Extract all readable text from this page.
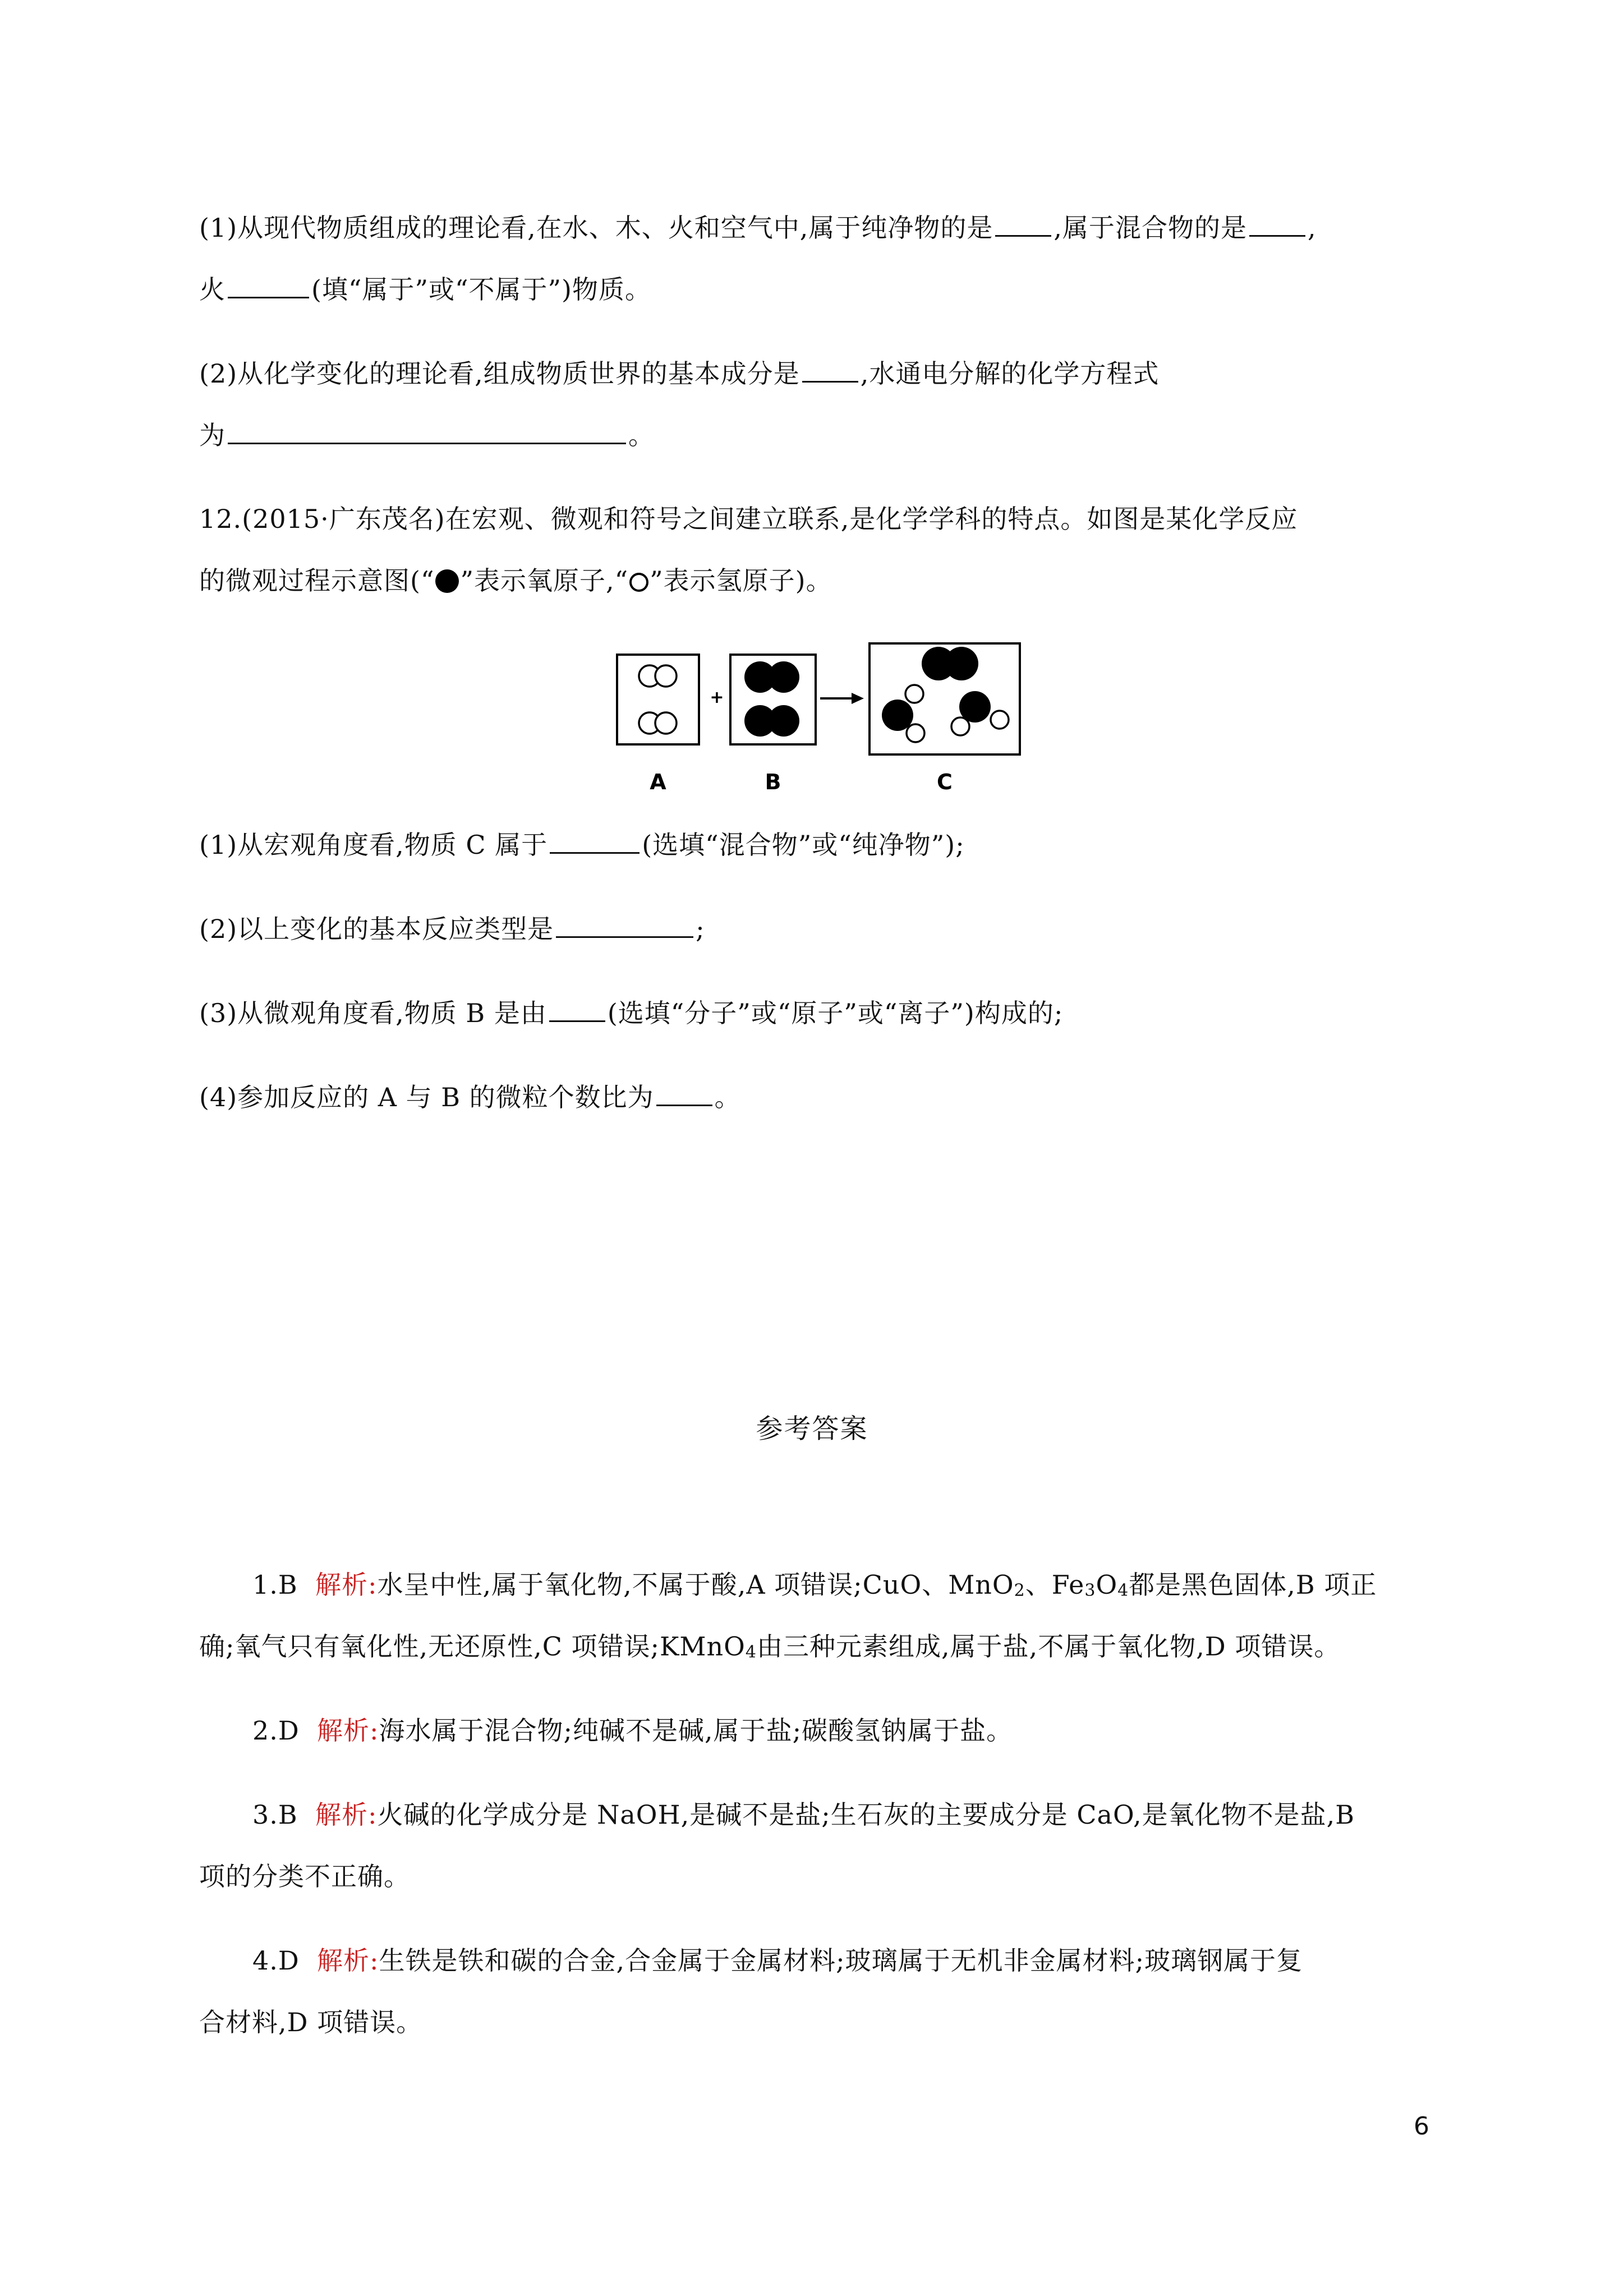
(1)从现代物质组成的理论看,在水、木、火和空气中,属于纯净物的是 ,属于混合物的是 ,
火	(填“属于”或“不属于”)物质。
(2)从化学变化的理论看,组成物质世界的基本成分是 ,水通电分解的化学方程式
为	。
12.(2015·广东茂名)在宏观、微观和符号之间建立联系,是化学学科的特点。如图是某化学反应
的微观过程示意图(“ ”表示氧原子,“ ”表示氢原子)。
+
A	B	C
(1)从宏观角度看,物质 C 属于	(选填“混合物”或“纯净物”);
(2)以上变化的基本反应类型是	;
(3)从微观角度看,物质 B 是由 (选填“分子”或“原子”或“离子”)构成的;
(4)参加反应的 A 与 B 的微粒个数比为 。
参考答案
1.B 解析:水呈中性,属于氧化物,不属于酸,A 项错误;CuO、MnO$_2$、$Fe_3O_4$都是黑色固体,B 项正
确;氧气只有氧化性,无还原性,C 项错误;KMnO$_4$由三种元素组成,属于盐,不属于氧化物,D 项错误。
2.D 解析:海水属于混合物;纯碱不是碱,属于盐;碳酸氢钠属于盐。
3.B 解析:火碱的化学成分是 NaOH,是碱不是盐;生石灰的主要成分是 CaO,是氧化物不是盐,B
项的分类不正确。
4.D 解析:生铁是铁和碳的合金,合金属于金属材料;玻璃属于无机非金属材料;玻璃钢属于复
合材料,D 项错误。
6
